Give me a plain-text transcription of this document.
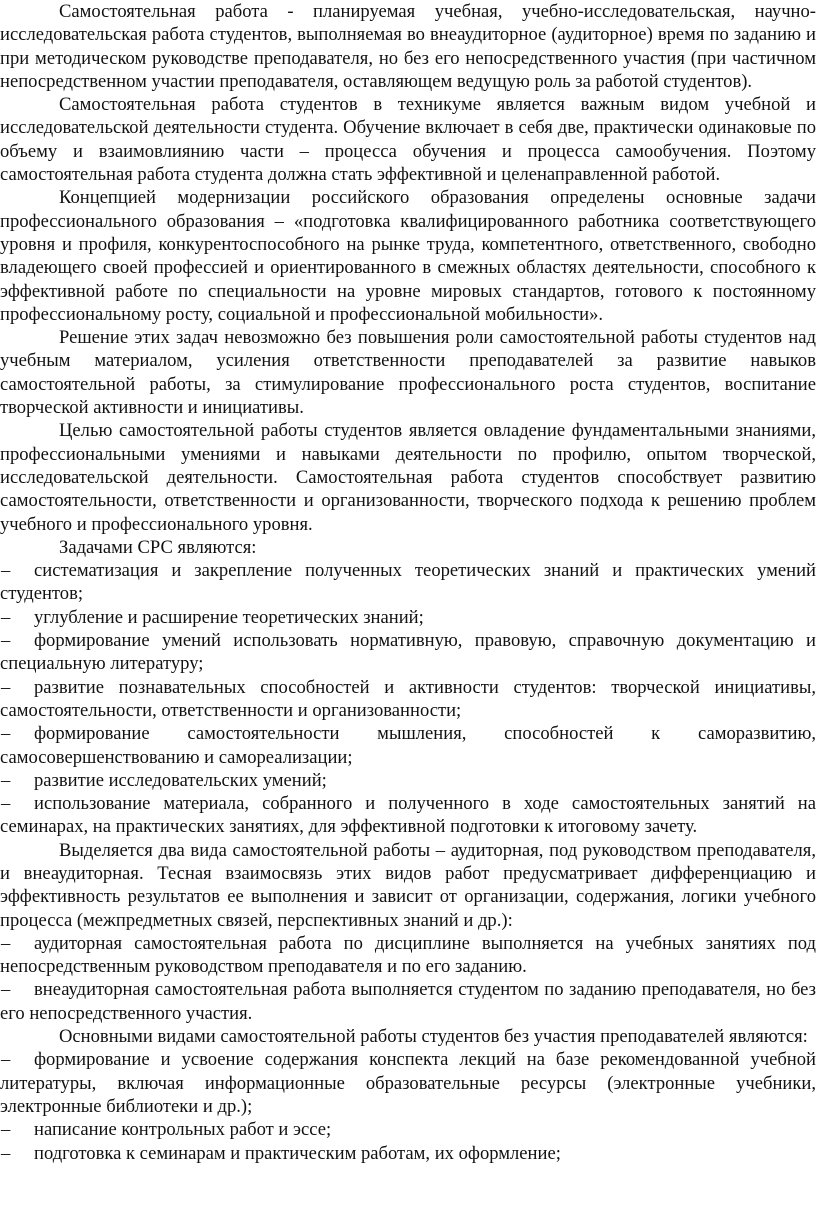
Самостоятельная работа - планируемая учебная, учебно-исследовательская, научно-исследовательская работа студентов, выполняемая во внеаудиторное (аудиторное) время по заданию и при методическом руководстве преподавателя, но без его непосредственного участия (при частичном непосредственном участии преподавателя, оставляющем ведущую роль за работой студентов).

Самостоятельная работа студентов в техникуме является важным видом учебной и исследовательской деятельности студента. Обучение включает в себя две, практически одинаковые по объему и взаимовлиянию части – процесса обучения и процесса самообучения. Поэтому самостоятельная работа студента должна стать эффективной и целенаправленной работой.

Концепцией модернизации российского образования определены основные задачи профессионального образования – «подготовка квалифицированного работника соответствующего уровня и профиля, конкурентоспособного на рынке труда, компетентного, ответственного, свободно владеющего своей профессией и ориентированного в смежных областях деятельности, способного к эффективной работе по специальности на уровне мировых стандартов, готового к постоянному профессиональному росту, социальной и профессиональной мобильности».

Решение этих задач невозможно без повышения роли самостоятельной работы студентов над учебным материалом, усиления ответственности преподавателей за развитие навыков самостоятельной работы, за стимулирование профессионального роста студентов, воспитание творческой активности и инициативы.

Целью самостоятельной работы студентов является овладение фундаментальными знаниями, профессиональными умениями и навыками деятельности по профилю, опытом творческой, исследовательской деятельности. Самостоятельная работа студентов способствует развитию самостоятельности, ответственности и организованности, творческого подхода к решению проблем учебного и профессионального уровня.

Задачами СРС являются:

– систематизация и закрепление полученных теоретических знаний и практических умений студентов;

– углубление и расширение теоретических знаний;

– формирование умений использовать нормативную, правовую, справочную документацию и специальную литературу;

– развитие познавательных способностей и активности студентов: творческой инициативы, самостоятельности, ответственности и организованности;

– формирование самостоятельности мышления, способностей к саморазвитию, самосовершенствованию и самореализации;

– развитие исследовательских умений;

– использование материала, собранного и полученного в ходе самостоятельных занятий на семинарах, на практических занятиях, для эффективной подготовки к итоговому зачету.

Выделяется два вида самостоятельной работы – аудиторная, под руководством преподавателя, и внеаудиторная. Тесная взаимосвязь этих видов работ предусматривает дифференциацию и эффективность результатов ее выполнения и зависит от организации, содержания, логики учебного процесса (межпредметных связей, перспективных знаний и др.):

– аудиторная самостоятельная работа по дисциплине выполняется на учебных занятиях под непосредственным руководством преподавателя и по его заданию.

– внеаудиторная самостоятельная работа выполняется студентом по заданию преподавателя, но без его непосредственного участия.

Основными видами самостоятельной работы студентов без участия преподавателей являются:

– формирование и усвоение содержания конспекта лекций на базе рекомендованной учебной литературы, включая информационные образовательные ресурсы (электронные учебники, электронные библиотеки и др.);

– написание контрольных работ и эссе;

– подготовка к семинарам и практическим работам, их оформление;
